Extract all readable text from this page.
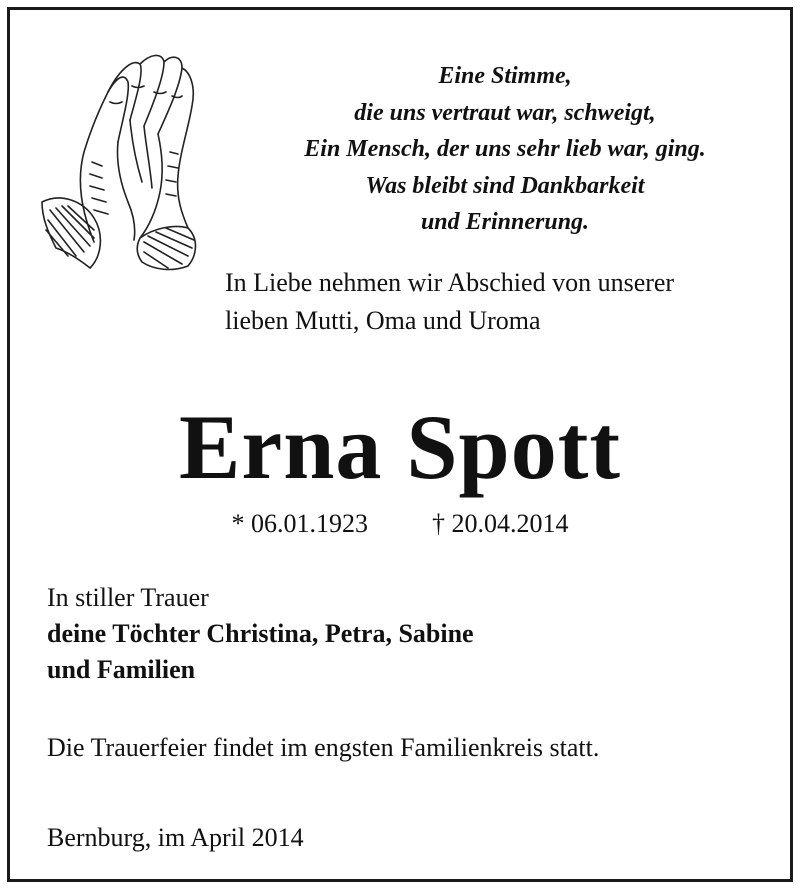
Eine Stimme,
die uns vertraut war, schweigt,
Ein Mensch, der uns sehr lieb war, ging.
Was bleibt sind Dankbarkeit
und Erinnerung.
In Liebe nehmen wir Abschied von unserer
lieben Mutti, Oma und Uroma
Erna Spott
* 06.01.1923 † 20.04.2014
In stiller Trauer
deine Töchter Christina, Petra, Sabine
und Familien
Die Trauerfeier findet im engsten Familienkreis statt.
Bernburg, im April 2014
